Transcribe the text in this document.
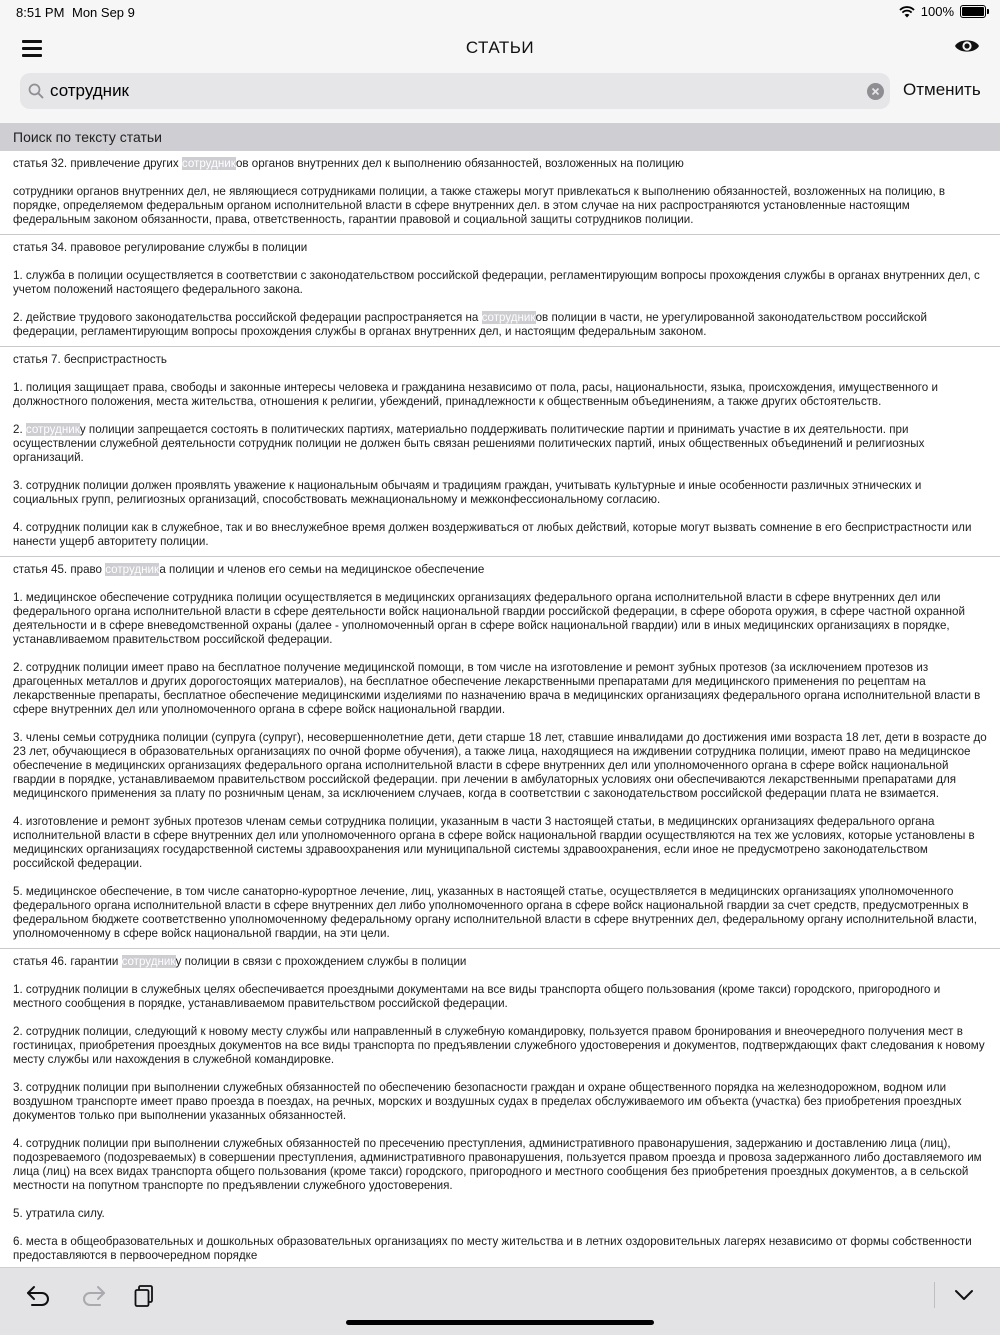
8:51 PM Mon Sep 9	100%
СТАТЬИ
сотрудник
Отменить
Поиск по тексту статьи
статья 32. привлечение других сотрудников органов внутренних дел к выполнению обязанностей, возложенных на полицию
сотрудники органов внутренних дел, не являющиеся сотрудниками полиции, а также стажеры могут привлекаться к выполнению обязанностей, возложенных на полицию, в порядке, определяемом федеральным органом исполнительной власти в сфере внутренних дел. в этом случае на них распространяются установленные настоящим федеральным законом обязанности, права, ответственность, гарантии правовой и социальной защиты сотрудников полиции.
статья 34. правовое регулирование службы в полиции
1. служба в полиции осуществляется в соответствии с законодательством российской федерации, регламентирующим вопросы прохождения службы в органах внутренних дел, с учетом положений настоящего федерального закона.
2. действие трудового законодательства российской федерации распространяется на сотрудников полиции в части, не урегулированной законодательством российской федерации, регламентирующим вопросы прохождения службы в органах внутренних дел, и настоящим федеральным законом.
статья 7. беспристрастность
1. полиция защищает права, свободы и законные интересы человека и гражданина независимо от пола, расы, национальности, языка, происхождения, имущественного и должностного положения, места жительства, отношения к религии, убеждений, принадлежности к общественным объединениям, а также других обстоятельств.
2. сотруднику полиции запрещается состоять в политических партиях, материально поддерживать политические партии и принимать участие в их деятельности. при осуществлении служебной деятельности сотрудник полиции не должен быть связан решениями политических партий, иных общественных объединений и религиозных организаций.
3. сотрудник полиции должен проявлять уважение к национальным обычаям и традициям граждан, учитывать культурные и иные особенности различных этнических и социальных групп, религиозных организаций, способствовать межнациональному и межконфессиональному согласию.
4. сотрудник полиции как в служебное, так и во внеслужебное время должен воздерживаться от любых действий, которые могут вызвать сомнение в его беспристрастности или нанести ущерб авторитету полиции.
статья 45. право сотрудника полиции и членов его семьи на медицинское обеспечение
1. медицинское обеспечение сотрудника полиции осуществляется в медицинских организациях федерального органа исполнительной власти в сфере внутренних дел или федерального органа исполнительной власти в сфере деятельности войск национальной гвардии российской федерации, в сфере оборота оружия, в сфере частной охранной деятельности и в сфере вневедомственной охраны (далее - уполномоченный орган в сфере войск национальной гвардии) или в иных медицинских организациях в порядке, устанавливаемом правительством российской федерации.
2. сотрудник полиции имеет право на бесплатное получение медицинской помощи, в том числе на изготовление и ремонт зубных протезов (за исключением протезов из драгоценных металлов и других дорогостоящих материалов), на бесплатное обеспечение лекарственными препаратами для медицинского применения по рецептам на лекарственные препараты, бесплатное обеспечение медицинскими изделиями по назначению врача в медицинских организациях федерального органа исполнительной власти в сфере внутренних дел или уполномоченного органа в сфере войск национальной гвардии.
3. члены семьи сотрудника полиции (супруга (супруг), несовершеннолетние дети, дети старше 18 лет, ставшие инвалидами до достижения ими возраста 18 лет, дети в возрасте до 23 лет, обучающиеся в образовательных организациях по очной форме обучения), а также лица, находящиеся на иждивении сотрудника полиции, имеют право на медицинское обеспечение в медицинских организациях федерального органа исполнительной власти в сфере внутренних дел или уполномоченного органа в сфере войск национальной гвардии в порядке, устанавливаемом правительством российской федерации. при лечении в амбулаторных условиях они обеспечиваются лекарственными препаратами для медицинского применения за плату по розничным ценам, за исключением случаев, когда в соответствии с законодательством российской федерации плата не взимается.
4. изготовление и ремонт зубных протезов членам семьи сотрудника полиции, указанным в части 3 настоящей статьи, в медицинских организациях федерального органа исполнительной власти в сфере внутренних дел или уполномоченного органа в сфере войск национальной гвардии осуществляются на тех же условиях, которые установлены в медицинских организациях государственной системы здравоохранения или муниципальной системы здравоохранения, если иное не предусмотрено законодательством российской федерации.
5. медицинское обеспечение, в том числе санаторно-курортное лечение, лиц, указанных в настоящей статье, осуществляется в медицинских организациях уполномоченного федерального органа исполнительной власти в сфере внутренних дел либо уполномоченного органа в сфере войск национальной гвардии за счет средств, предусмотренных в федеральном бюджете соответственно уполномоченному федеральному органу исполнительной власти в сфере внутренних дел, федеральному органу исполнительной власти, уполномоченному в сфере войск национальной гвардии, на эти цели.
статья 46. гарантии сотруднику полиции в связи с прохождением службы в полиции
1. сотрудник полиции в служебных целях обеспечивается проездными документами на все виды транспорта общего пользования (кроме такси) городского, пригородного и местного сообщения в порядке, устанавливаемом правительством российской федерации.
2. сотрудник полиции, следующий к новому месту службы или направленный в служебную командировку, пользуется правом бронирования и внеочередного получения мест в гостиницах, приобретения проездных документов на все виды транспорта по предъявлении служебного удостоверения и документов, подтверждающих факт следования к новому месту службы или нахождения в служебной командировке.
3. сотрудник полиции при выполнении служебных обязанностей по обеспечению безопасности граждан и охране общественного порядка на железнодорожном, водном или воздушном транспорте имеет право проезда в поездах, на речных, морских и воздушных судах в пределах обслуживаемого им объекта (участка) без приобретения проездных документов только при выполнении указанных обязанностей.
4. сотрудник полиции при выполнении служебных обязанностей по пресечению преступления, административного правонарушения, задержанию и доставлению лица (лиц), подозреваемого (подозреваемых) в совершении преступления, административного правонарушения, пользуется правом проезда и провоза задержанного либо доставляемого им лица (лиц) на всех видах транспорта общего пользования (кроме такси) городского, пригородного и местного сообщения без приобретения проездных документов, а в сельской местности на попутном транспорте по предъявлении служебного удостоверения.
5. утратила силу.
6. места в общеобразовательных и дошкольных образовательных организациях по месту жительства и в летних оздоровительных лагерях независимо от формы собственности предоставляются в первоочередном порядке
